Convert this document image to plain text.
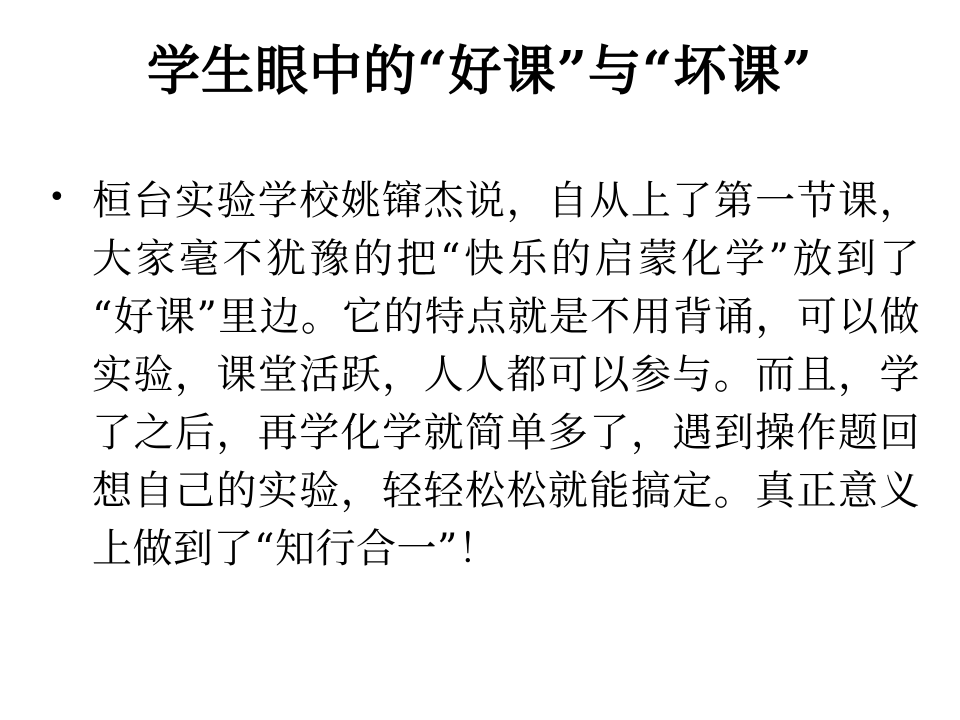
学生眼中的“好课”与“坏课”
• 桓台实验学校姚镩杰说，自从上了第一节课，大家毫不犹豫的把“快乐的启蒙化学”放到了“好课”里边。它的特点就是不用背诵，可以做实验，课堂活跃，人人都可以参与。而且，学了之后，再学化学就简单多了，遇到操作题回想自己的实验，轻轻松松就能搞定。真正意义上做到了“知行合一”！
